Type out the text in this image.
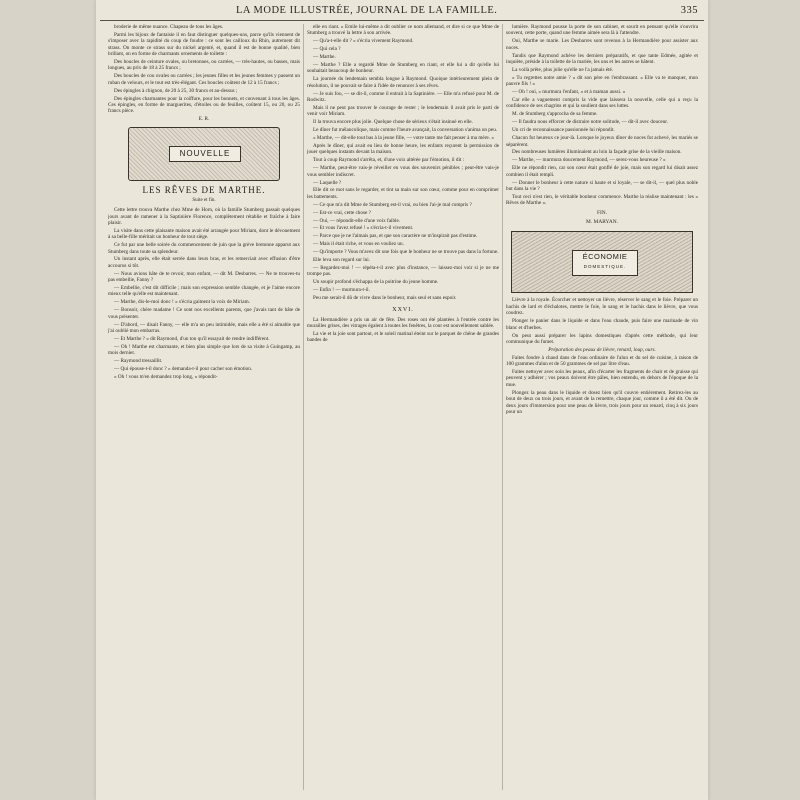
LA MODE ILLUSTRÉE, JOURNAL DE LA FAMILLE.	335

broderie de même nuance. Chapeau de tous les âges.

Parmi les bijoux de fantaisie il en faut distinguer quelques-uns, parce qu'ils viennent de s'imposer avec la rapidité du coup de foudre : ce sont les cailloux du Rhin, autrement dit strass. On monte ce strass sur du nickel argenté, et, quand il est de bonne qualité, bien brillant, on en forme de charmants ornements de toilette :

Des boucles de ceinture ovales, ou bretonnes, ou carrées, — très-hautes, ou basses, mais longues, au prix de 18 à 25 francs ;

Des boucles de cou ovales ou carrées ; les jeunes filles et les jeunes femmes y passent un ruban de velours, et le tout est très-élégant. Ces boucles coûtent de 12 à 15 francs ;

Des épingles à chignon, de 20 à 25, 30 francs et au-dessus ;

Des épingles charmantes pour la coiffure, pour les bonnets, et convenant à tous les âges. Ces épingles, en forme de marguerites, d'étoiles ou de feuilles, coûtent 15, ou 20, ou 25 francs pièce.

E. R.

NOUVELLE
LES RÊVES DE MARTHE.
Suite et fin.

Cette lettre trouva Marthe chez Mme de Horn, où la famille Stumberg passait quelques jours avant de ramener à la Saptinière Florence, complètement rétablie et fraîche à faire plaisir.

La visite dans cette plaisante maison avait été arrangée pour Miriam, dont le dévouement à sa belle-fille méritait un bonheur de tout siège.

Ce fut par une belle soirée du commencement de juin que la grève bretonne apparut aux Stumberg dans toute sa splendeur.

Un instant après, elle était serrée dans leurs bras, et les remerciait avec effusion d'être accourus si tôt.

— Nous avions hâte de te revoir, mon enfant, — dit M. Desbarres. — Ne te trouves-tu pas embellie, Fanny ?

— Embellie, c'est dit difficile ; mais son expression semble changée, et je l'aime encore mieux telle qu'elle est maintenant.

— Marthe, dis-le-moi donc ! » s'écria gaiment la voix de Miriam.

— Bonsoir, chère madame ! Ce sont nos excellents parents, que j'avais tant de hâte de vous présenter.

— D'abord, — disait Fanny, — elle m'a un peu intimidée, mais elle a été si aimable que j'ai oublié mon embarras.

— Et Marthe ? » dit Raymond, d'un ton qu'il essayait de rendre indifférent.

— Oh ! Marthe est charmante, et bien plus simple que lors de sa visite à Guingamp, au mois dernier.

— Raymond tressaillit.

— Qui épouse-t-il donc ? » demanda-t-il pour cacher son émotion.

« Oh ! vous m'en demandez trop long, » répondit-

elle en riant. » Emile lui-même a dit oublier ce nom allemand, et dire si ce que Mme de Stumberg a trouvé la lettre à son arrivée.

— Qu'a-t-elle dit ? » s'écria vivement Raymond.

— Qui cela ?

— Marthe.

— Marthe ? Elle a regardé Mme de Stumberg en riant, et elle lui a dit qu'elle lui souhaitait beaucoup de bonheur.

La journée du lendemain sembla longue à Raymond. Quoique intérieurement plein de résolution, il ne pouvait se faire à l'idée de renoncer à ses rêves.

— Je suis fou, — se dit-il, comme il entrait à la Saptinière. — Elle m'a refusé pour M. de Rodwitz.

Mais il ne peut pas trouver le courage de rester ; le lendemain il avait pris le parti de venir voir Miriam.

Il la trouva encore plus jolie. Quelque chose de sérieux s'était insinué en elle.

Le dîner fut mélancolique, mais comme l'heure avançait, la conversation s'anima un peu.

« Marthe, — dit-elle tout bas à la jeune fille, — votre tante me fait penser à ma mère. »

Après le dîner, qui avait eu lieu de bonne heure, les enfants reçurent la permission de jouer quelques instants devant la maison.

Tout à coup Raymond s'arrêta, et, d'une voix altérée par l'émotion, il dit :

— Marthe, peut-être vais-je réveiller en vous des souvenirs pénibles ; peut-être vais-je vous sembler indiscret.

— Laquelle ?

Elle dit ce mot sans le regarder, et tint sa main sur son cœur, comme pour en comprimer les battements.

— Ce que m'a dit Mme de Stumberg est-il vrai, ou bien l'ai-je mal compris ?

— Est-ce vrai, cette chose ?

— Oui, — répondit-elle d'une voix faible.

— Et vous l'avez refusé ! » s'écria-t-il vivement.

— Parce que je ne l'aimais pas, et que son caractère ne m'inspirait pas d'estime.

— Mais il était riche, et vous en vouliez un.

— Qu'importe ? Vous m'avez dit une fois que le bonheur ne se trouve pas dans la fortune.

Elle leva son regard sur lui.

— Regardez-moi ! — répéta-t-il avec plus d'instance, — laissez-moi voir si je ne me trompe pas.

Un soupir profond s'échappa de la poitrine du jeune homme.

— Enfin ! — murmura-t-il.

Peu me serait-il dû de vivre dans le bonheur, mais seul et sans espoir.

XXVI.

La Hermandière a pris un air de fête. Des roses ont été plantées à l'entrée contre les murailles grises, des vitrages égalent à toutes les fenêtres, la cour est nouvellement sablée.

La vie et la joie sont partout, et le soleil matinal éteint sur le parquet de chêne de grandes bandes de

lumière. Raymond pousse la porte de son cabinet, et sourit en pensant qu'elle s'ouvrira souvent, cette porte, quand une femme aimée sera là à l'attendre.

Oui, Marthe se marie. Les Desbarres sont revenus à la Hermandière pour assister aux noces.

Tandis que Raymond achève les derniers préparatifs, et que tante Edmée, agitée et inquiète, préside à la toilette de la mariée, les uns et les autres se hâtent.

La voilà prête, plus jolie qu'elle ne l'a jamais été.

« Tu regrettes notre amie ? » dit son père en l'embrassant. « Elle va te manquer, mon pauvre fils ! »

— Oh ! oui, » murmura l'enfant, « et à maman aussi. »

Car elle a vaguement compris la vide que laissera la nouvelle, celle qui a reçu la confidence de ses chagrins et qui la soulient dans ses luttes.

M. de Stumberg s'approcha de sa femme.

— Il faudra nous efforcer de distraire notre solitude, — dit-il avec douceur.

Un cri de reconnaissance passionnée lui répondit.

Chacun fut heureux ce jour-là. Lorsque le joyeux dîner de noces fut achevé, les mariés se séparèrent.

Des nombreuses lumières illuminaient au loin la façade grise de la vieille maison.

— Marthe, — murmura doucement Raymond, — serez-vous heureuse ? »

Elle ne répondit rien, car son cœur était gonflé de joie, mais son regard lui disait assez combien il était rempli.

— Donner le bonheur à cette nature si haute et si loyale, — se dit-il, — quel plus noble but dans la vie ?

Tout ceci n'est rien, le véritable bonheur commence. Marthe la réalise maintenant : les « Rêves de Marthe ».

FIN.
M. MARYAN.
ÉCONOMIE
DOMESTIQUE.

Lièvre à la royale. Écorcher et nettoyer un lièvre, réserver le sang et le foie. Préparer un hachis de lard et d'échalotes, mettre le foie, le sang et le hachis dans le lièvre, que vous coudrez.

Plonger le panier dans le liquide et dans l'eau chaude, puis faire une marinade de vin blanc et d'herbes.

On peut aussi préparer les lapins domestiques d'après cette méthode, qui leur communique du fumet.

Préparation des peaux de lièvre, renard, loup, ours.

Faites fondre à chaud dans de l'eau ordinaire de l'alun et du sel de cuisine, à raison de 100 grammes d'alun et de 50 grammes de sel par litre d'eau.

Faites nettoyer avec soin les peaux, afin d'écarter les fragments de chair et de graisse qui peuvent y adhérer ; vos peaux doivent être pâles, bien entendu, en dehors de l'époque de la mue.

Plongez la peau dans le liquide et dosez bien qu'il couvre entièrement. Retirez-les au bout de deux ou trois jours, et avant de la remettre, chaque jour, comme il a été dit. Ou de deux jours d'immersion pour une peau de lièvre, trois jours pour un renard, cinq à six jours pour un
